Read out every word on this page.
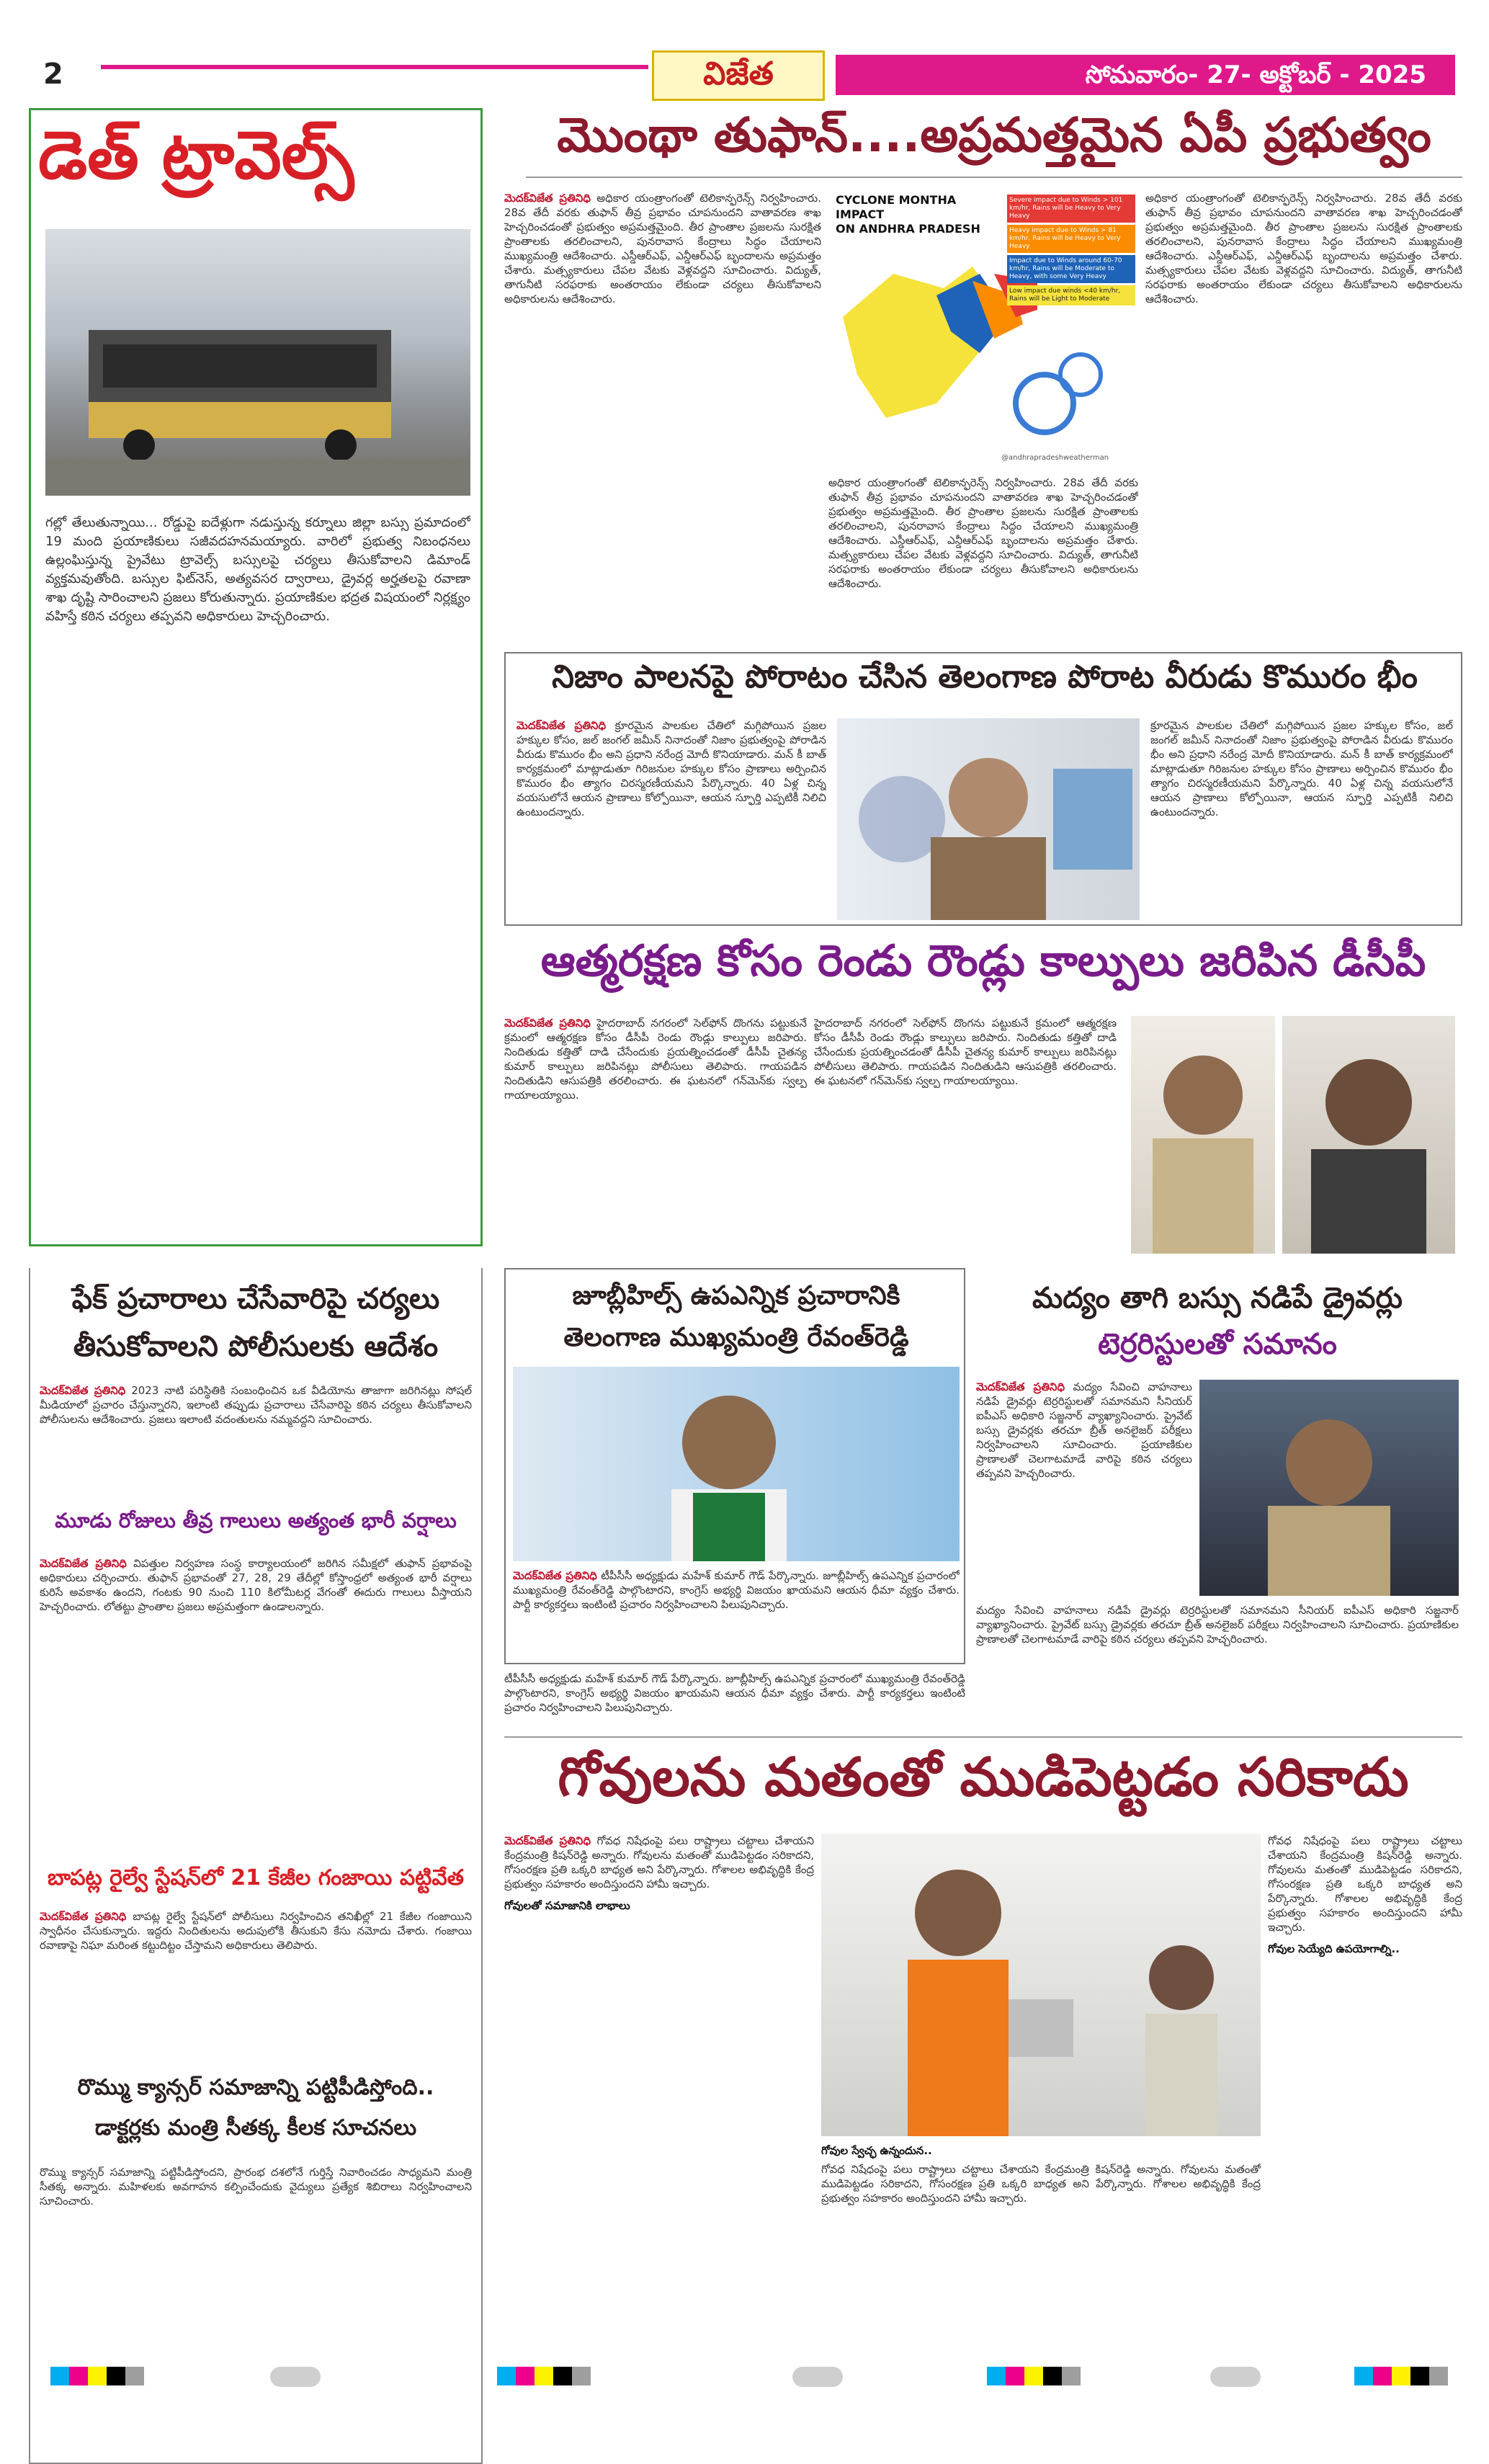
2	విజేత	సోమవారం- 27- అక్టోబర్ - 2025
డెత్ ట్రావెల్స్
గల్లో తేలుతున్నాయి... రోడ్డుపై ఐదేళ్లుగా నడుస్తున్న కర్నూలు జిల్లా బస్సు ప్రమాదంలో 19 మంది ప్రయాణికులు సజీవదహనమయ్యారు. వారిలో ప్రభుత్వ నిబంధనలు ఉల్లంఘిస్తున్న ప్రైవేటు ట్రావెల్స్ బస్సులపై చర్యలు తీసుకోవాలని డిమాండ్ వ్యక్తమవుతోంది. బస్సుల ఫిట్‌నెస్, అత్యవసర ద్వారాలు, డ్రైవర్ల అర్హతలపై రవాణా శాఖ దృష్టి సారించాలని ప్రజలు కోరుతున్నారు. ప్రయాణికుల భద్రత విషయంలో నిర్లక్ష్యం వహిస్తే కఠిన చర్యలు తప్పవని అధికారులు హెచ్చరించారు.
మొంథా తుఫాన్....అప్రమత్తమైన ఏపీ ప్రభుత్వం
మెదక్‌విజేత ప్రతినిధి అధికార యంత్రాంగంతో టెలికాన్ఫరెన్స్ నిర్వహించారు. 28వ తేదీ వరకు తుఫాన్ తీవ్ర ప్రభావం చూపనుందని వాతావరణ శాఖ హెచ్చరించడంతో ప్రభుత్వం అప్రమత్తమైంది. తీర ప్రాంతాల ప్రజలను సురక్షిత ప్రాంతాలకు తరలించాలని, పునరావాస కేంద్రాలు సిద్ధం చేయాలని ముఖ్యమంత్రి ఆదేశించారు. ఎస్డీఆర్ఎఫ్, ఎన్డీఆర్ఎఫ్ బృందాలను అప్రమత్తం చేశారు. మత్స్యకారులు చేపల వేటకు వెళ్లవద్దని సూచించారు. విద్యుత్, తాగునీటి సరఫరాకు అంతరాయం లేకుండా చర్యలు తీసుకోవాలని అధికారులను ఆదేశించారు.
CYCLONE MONTHA IMPACT
ON ANDHRA PRADESH
Severe impact due to Winds > 101 km/hr, Rains will be Heavy to Very Heavy
Heavy impact due to Winds > 81 km/hr, Rains will be Heavy to Very Heavy
Impact due to Winds around 60-70 km/hr, Rains will be Moderate to Heavy, with some Very Heavy
Low impact due winds <40 km/hr, Rains will be Light to Moderate
@andhrapradeshweatherman
అధికార యంత్రాంగంతో టెలికాన్ఫరెన్స్ నిర్వహించారు. 28వ తేదీ వరకు తుఫాన్ తీవ్ర ప్రభావం చూపనుందని వాతావరణ శాఖ హెచ్చరించడంతో ప్రభుత్వం అప్రమత్తమైంది. తీర ప్రాంతాల ప్రజలను సురక్షిత ప్రాంతాలకు తరలించాలని, పునరావాస కేంద్రాలు సిద్ధం చేయాలని ముఖ్యమంత్రి ఆదేశించారు. ఎస్డీఆర్ఎఫ్, ఎన్డీఆర్ఎఫ్ బృందాలను అప్రమత్తం చేశారు. మత్స్యకారులు చేపల వేటకు వెళ్లవద్దని సూచించారు. విద్యుత్, తాగునీటి సరఫరాకు అంతరాయం లేకుండా చర్యలు తీసుకోవాలని అధికారులను ఆదేశించారు.
అధికార యంత్రాంగంతో టెలికాన్ఫరెన్స్ నిర్వహించారు. 28వ తేదీ వరకు తుఫాన్ తీవ్ర ప్రభావం చూపనుందని వాతావరణ శాఖ హెచ్చరించడంతో ప్రభుత్వం అప్రమత్తమైంది. తీర ప్రాంతాల ప్రజలను సురక్షిత ప్రాంతాలకు తరలించాలని, పునరావాస కేంద్రాలు సిద్ధం చేయాలని ముఖ్యమంత్రి ఆదేశించారు. ఎస్డీఆర్ఎఫ్, ఎన్డీఆర్ఎఫ్ బృందాలను అప్రమత్తం చేశారు. మత్స్యకారులు చేపల వేటకు వెళ్లవద్దని సూచించారు. విద్యుత్, తాగునీటి సరఫరాకు అంతరాయం లేకుండా చర్యలు తీసుకోవాలని అధికారులను ఆదేశించారు.
నిజాం పాలనపై పోరాటం చేసిన తెలంగాణ పోరాట వీరుడు కొమురం భీం
మెదక్‌విజేత ప్రతినిధి క్రూరమైన పాలకుల చేతిలో మగ్గిపోయిన ప్రజల హక్కుల కోసం, జల్ జంగల్ జమీన్ నినాదంతో నిజాం ప్రభుత్వంపై పోరాడిన వీరుడు కొమురం భీం అని ప్రధాని నరేంద్ర మోదీ కొనియాడారు. మన్ కీ బాత్ కార్యక్రమంలో మాట్లాడుతూ గిరిజనుల హక్కుల కోసం ప్రాణాలు అర్పించిన కొమురం భీం త్యాగం చిరస్మరణీయమని పేర్కొన్నారు. 40 ఏళ్ల చిన్న వయసులోనే ఆయన ప్రాణాలు కోల్పోయినా, ఆయన స్ఫూర్తి ఎప్పటికీ నిలిచి ఉంటుందన్నారు.
క్రూరమైన పాలకుల చేతిలో మగ్గిపోయిన ప్రజల హక్కుల కోసం, జల్ జంగల్ జమీన్ నినాదంతో నిజాం ప్రభుత్వంపై పోరాడిన వీరుడు కొమురం భీం అని ప్రధాని నరేంద్ర మోదీ కొనియాడారు. మన్ కీ బాత్ కార్యక్రమంలో మాట్లాడుతూ గిరిజనుల హక్కుల కోసం ప్రాణాలు అర్పించిన కొమురం భీం త్యాగం చిరస్మరణీయమని పేర్కొన్నారు. 40 ఏళ్ల చిన్న వయసులోనే ఆయన ప్రాణాలు కోల్పోయినా, ఆయన స్ఫూర్తి ఎప్పటికీ నిలిచి ఉంటుందన్నారు.
ఆత్మరక్షణ కోసం రెండు రౌండ్లు కాల్పులు జరిపిన డీసీపీ
మెదక్‌విజేత ప్రతినిధి హైదరాబాద్ నగరంలో సెల్‌ఫోన్ దొంగను పట్టుకునే క్రమంలో ఆత్మరక్షణ కోసం డీసీపీ రెండు రౌండ్లు కాల్పులు జరిపారు. నిందితుడు కత్తితో దాడి చేసేందుకు ప్రయత్నించడంతో డీసీపీ చైతన్య కుమార్ కాల్పులు జరిపినట్లు పోలీసులు తెలిపారు. గాయపడిన నిందితుడిని ఆసుపత్రికి తరలించారు. ఈ ఘటనలో గన్‌మెన్‌కు స్వల్ప గాయాలయ్యాయి.
హైదరాబాద్ నగరంలో సెల్‌ఫోన్ దొంగను పట్టుకునే క్రమంలో ఆత్మరక్షణ కోసం డీసీపీ రెండు రౌండ్లు కాల్పులు జరిపారు. నిందితుడు కత్తితో దాడి చేసేందుకు ప్రయత్నించడంతో డీసీపీ చైతన్య కుమార్ కాల్పులు జరిపినట్లు పోలీసులు తెలిపారు. గాయపడిన నిందితుడిని ఆసుపత్రికి తరలించారు. ఈ ఘటనలో గన్‌మెన్‌కు స్వల్ప గాయాలయ్యాయి.
ఫేక్ ప్రచారాలు చేసేవారిపై చర్యలు
తీసుకోవాలని పోలీసులకు ఆదేశం
మెదక్‌విజేత ప్రతినిధి 2023 నాటి పరిస్థితికి సంబంధించిన ఒక వీడియోను తాజాగా జరిగినట్లు సోషల్ మీడియాలో ప్రచారం చేస్తున్నారని, ఇలాంటి తప్పుడు ప్రచారాలు చేసేవారిపై కఠిన చర్యలు తీసుకోవాలని పోలీసులను ఆదేశించారు. ప్రజలు ఇలాంటి వదంతులను నమ్మవద్దని సూచించారు.
మూడు రోజులు తీవ్ర గాలులు అత్యంత భారీ వర్షాలు
మెదక్‌విజేత ప్రతినిధి విపత్తుల నిర్వహణ సంస్థ కార్యాలయంలో జరిగిన సమీక్షలో తుఫాన్ ప్రభావంపై అధికారులు చర్చించారు. తుఫాన్ ప్రభావంతో 27, 28, 29 తేదీల్లో కోస్తాంధ్రలో అత్యంత భారీ వర్షాలు కురిసే అవకాశం ఉందని, గంటకు 90 నుంచి 110 కిలోమీటర్ల వేగంతో ఈదురు గాలులు వీస్తాయని హెచ్చరించారు. లోతట్టు ప్రాంతాల ప్రజలు అప్రమత్తంగా ఉండాలన్నారు.
బాపట్ల రైల్వే స్టేషన్‌లో 21 కేజీల గంజాయి పట్టివేత
మెదక్‌విజేత ప్రతినిధి బాపట్ల రైల్వే స్టేషన్‌లో పోలీసులు నిర్వహించిన తనిఖీల్లో 21 కేజీల గంజాయిని స్వాధీనం చేసుకున్నారు. ఇద్దరు నిందితులను అదుపులోకి తీసుకుని కేసు నమోదు చేశారు. గంజాయి రవాణాపై నిఘా మరింత కట్టుదిట్టం చేస్తామని అధికారులు తెలిపారు.
రొమ్ము క్యాన్సర్ సమాజాన్ని పట్టిపీడిస్తోంది..
డాక్టర్లకు మంత్రి సీతక్క కీలక సూచనలు
రొమ్ము క్యాన్సర్ సమాజాన్ని పట్టిపీడిస్తోందని, ప్రారంభ దశలోనే గుర్తిస్తే నివారించడం సాధ్యమని మంత్రి సీతక్క అన్నారు. మహిళలకు అవగాహన కల్పించేందుకు వైద్యులు ప్రత్యేక శిబిరాలు నిర్వహించాలని సూచించారు.
జూబ్లీహిల్స్ ఉపఎన్నిక ప్రచారానికి
తెలంగాణ ముఖ్యమంత్రి రేవంత్‌రెడ్డి
మెదక్‌విజేత ప్రతినిధి టీపీసీసీ అధ్యక్షుడు మహేశ్ కుమార్ గౌడ్ పేర్కొన్నారు. జూబ్లీహిల్స్ ఉపఎన్నిక ప్రచారంలో ముఖ్యమంత్రి రేవంత్‌రెడ్డి పాల్గొంటారని, కాంగ్రెస్ అభ్యర్థి విజయం ఖాయమని ఆయన ధీమా వ్యక్తం చేశారు. పార్టీ కార్యకర్తలు ఇంటింటి ప్రచారం నిర్వహించాలని పిలుపునిచ్చారు.
టీపీసీసీ అధ్యక్షుడు మహేశ్ కుమార్ గౌడ్ పేర్కొన్నారు. జూబ్లీహిల్స్ ఉపఎన్నిక ప్రచారంలో ముఖ్యమంత్రి రేవంత్‌రెడ్డి పాల్గొంటారని, కాంగ్రెస్ అభ్యర్థి విజయం ఖాయమని ఆయన ధీమా వ్యక్తం చేశారు. పార్టీ కార్యకర్తలు ఇంటింటి ప్రచారం నిర్వహించాలని పిలుపునిచ్చారు.
మద్యం తాగి బస్సు నడిపే డ్రైవర్లు
టెర్రరిస్టులతో సమానం
మెదక్‌విజేత ప్రతినిధి మద్యం సేవించి వాహనాలు నడిపే డ్రైవర్లు టెర్రరిస్టులతో సమానమని సీనియర్ ఐపీఎస్ అధికారి సజ్జనార్ వ్యాఖ్యానించారు. ప్రైవేట్ బస్సు డ్రైవర్లకు తరచూ బ్రీత్ అనలైజర్ పరీక్షలు నిర్వహించాలని సూచించారు. ప్రయాణికుల ప్రాణాలతో చెలగాటమాడే వారిపై కఠిన చర్యలు తప్పవని హెచ్చరించారు.
మద్యం సేవించి వాహనాలు నడిపే డ్రైవర్లు టెర్రరిస్టులతో సమానమని సీనియర్ ఐపీఎస్ అధికారి సజ్జనార్ వ్యాఖ్యానించారు. ప్రైవేట్ బస్సు డ్రైవర్లకు తరచూ బ్రీత్ అనలైజర్ పరీక్షలు నిర్వహించాలని సూచించారు. ప్రయాణికుల ప్రాణాలతో చెలగాటమాడే వారిపై కఠిన చర్యలు తప్పవని హెచ్చరించారు.
గోవులను మతంతో ముడిపెట్టడం సరికాదు
మెదక్‌విజేత ప్రతినిధి గోవధ నిషేధంపై పలు రాష్ట్రాలు చట్టాలు చేశాయని కేంద్రమంత్రి కిషన్‌రెడ్డి అన్నారు. గోవులను మతంతో ముడిపెట్టడం సరికాదని, గోసంరక్షణ ప్రతి ఒక్కరి బాధ్యత అని పేర్కొన్నారు. గోశాలల అభివృద్ధికి కేంద్ర ప్రభుత్వం సహకారం అందిస్తుందని హామీ ఇచ్చారు.
గోవులతో సమాజానికి లాభాలు
గోవుల స్వేచ్ఛ ఉన్నందున..
గోవధ నిషేధంపై పలు రాష్ట్రాలు చట్టాలు చేశాయని కేంద్రమంత్రి కిషన్‌రెడ్డి అన్నారు. గోవులను మతంతో ముడిపెట్టడం సరికాదని, గోసంరక్షణ ప్రతి ఒక్కరి బాధ్యత అని పేర్కొన్నారు. గోశాలల అభివృద్ధికి కేంద్ర ప్రభుత్వం సహకారం అందిస్తుందని హామీ ఇచ్చారు.
గోవధ నిషేధంపై పలు రాష్ట్రాలు చట్టాలు చేశాయని కేంద్రమంత్రి కిషన్‌రెడ్డి అన్నారు. గోవులను మతంతో ముడిపెట్టడం సరికాదని, గోసంరక్షణ ప్రతి ఒక్కరి బాధ్యత అని పేర్కొన్నారు. గోశాలల అభివృద్ధికి కేంద్ర ప్రభుత్వం సహకారం అందిస్తుందని హామీ ఇచ్చారు.
గోవుల సెయ్యేది ఉపయోగాల్ని..
